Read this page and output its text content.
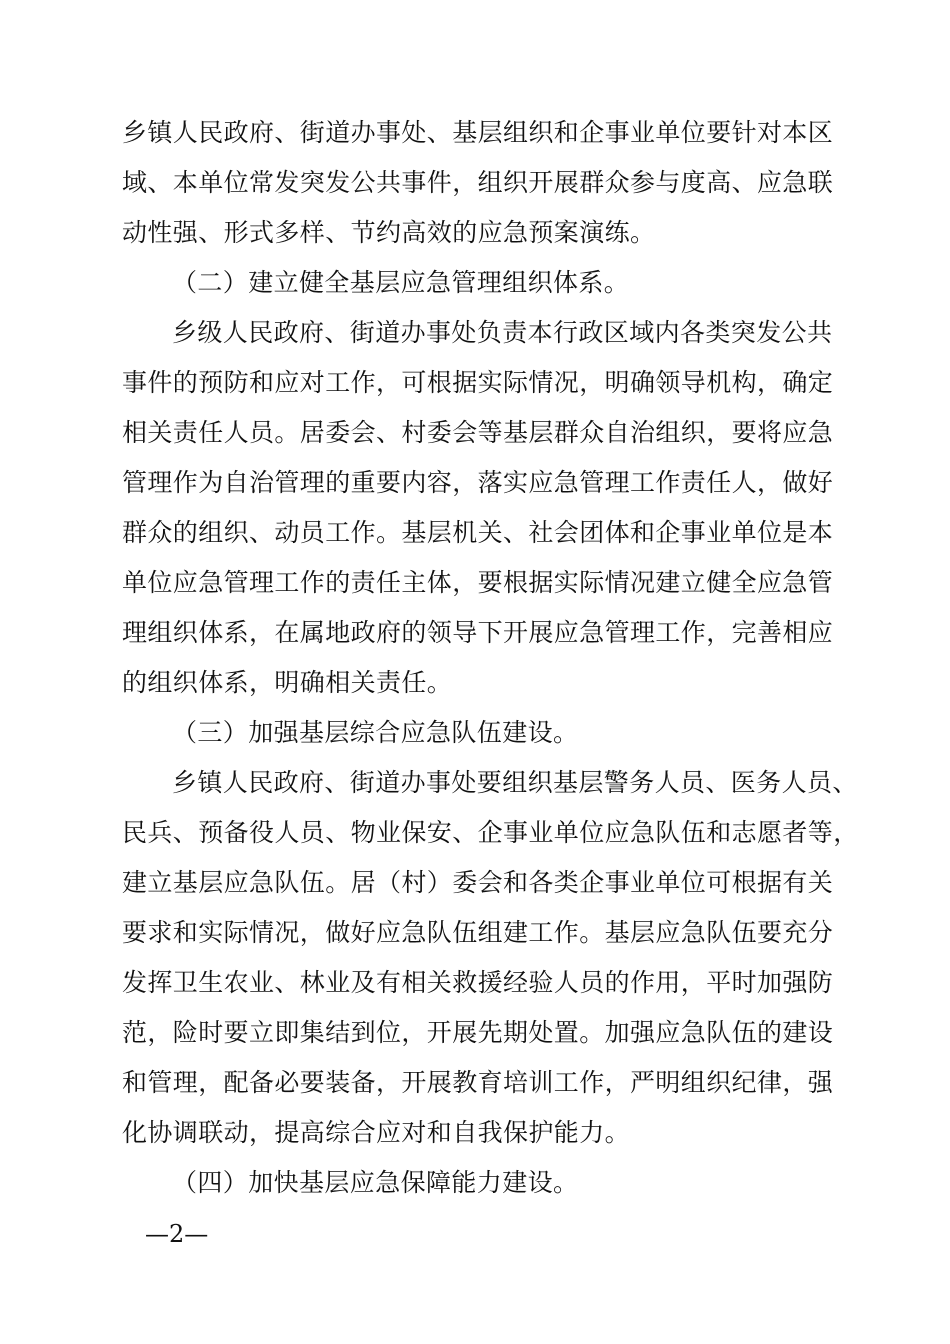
乡镇人民政府、街道办事处、基层组织和企事业单位要针对本区
域、本单位常发突发公共事件，组织开展群众参与度高、应急联
动性强、形式多样、节约高效的应急预案演练。
（二）建立健全基层应急管理组织体系。
乡级人民政府、街道办事处负责本行政区域内各类突发公共
事件的预防和应对工作，可根据实际情况，明确领导机构，确定
相关责任人员。居委会、村委会等基层群众自治组织，要将应急
管理作为自治管理的重要内容，落实应急管理工作责任人，做好
群众的组织、动员工作。基层机关、社会团体和企事业单位是本
单位应急管理工作的责任主体，要根据实际情况建立健全应急管
理组织体系，在属地政府的领导下开展应急管理工作，完善相应
的组织体系，明确相关责任。
（三）加强基层综合应急队伍建设。
乡镇人民政府、街道办事处要组织基层警务人员、医务人员、
民兵、预备役人员、物业保安、企事业单位应急队伍和志愿者等，
建立基层应急队伍。居（村）委会和各类企事业单位可根据有关
要求和实际情况，做好应急队伍组建工作。基层应急队伍要充分
发挥卫生农业、林业及有相关救援经验人员的作用，平时加强防
范，险时要立即集结到位，开展先期处置。加强应急队伍的建设
和管理，配备必要装备，开展教育培训工作，严明组织纪律，强
化协调联动，提高综合应对和自我保护能力。
（四）加快基层应急保障能力建设。
—2—
